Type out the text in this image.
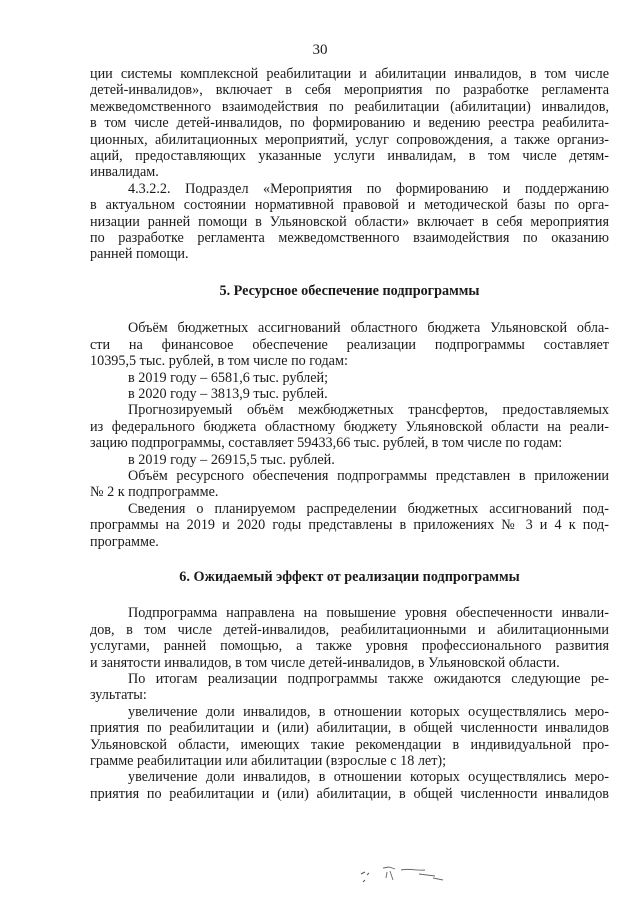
30

ции системы комплексной реабилитации и абилитации инвалидов, в том числе

детей-инвалидов», включает в себя мероприятия по разработке регламента

межведомственного взаимодействия по реабилитации (абилитации) инвалидов,

в том числе детей-инвалидов, по формированию и ведению реестра реабилита-

ционных, абилитационных мероприятий, услуг сопровождения, а также организ-

аций, предоставляющих указанные услуги инвалидам, в том числе детям-

инвалидам.

4.3.2.2. Подраздел «Мероприятия по формированию и поддержанию

в актуальном состоянии нормативной правовой и методической базы по орга-

низации ранней помощи в Ульяновской области» включает в себя мероприятия

по разработке регламента межведомственного взаимодействия по оказанию

ранней помощи.

5. Ресурсное обеспечение подпрограммы

Объём бюджетных ассигнований областного бюджета Ульяновской обла-

сти на финансовое обеспечение реализации подпрограммы составляет

10395,5 тыс. рублей, в том числе по годам:

в 2019 году – 6581,6 тыс. рублей;

в 2020 году – 3813,9 тыс. рублей.

Прогнозируемый объём межбюджетных трансфертов, предоставляемых

из федерального бюджета областному бюджету Ульяновской области на реали-

зацию подпрограммы, составляет 59433,66 тыс. рублей, в том числе по годам:

в 2019 году – 26915,5 тыс. рублей.

Объём ресурсного обеспечения подпрограммы представлен в приложении

№ 2 к подпрограмме.

Сведения о планируемом распределении бюджетных ассигнований под-

программы на 2019 и 2020 годы представлены в приложениях № 3 и 4 к под-

программе.

6. Ожидаемый эффект от реализации подпрограммы

Подпрограмма направлена на повышение уровня обеспеченности инвали-

дов, в том числе детей-инвалидов, реабилитационными и абилитационными

услугами, ранней помощью, а также уровня профессионального развития

и занятости инвалидов, в том числе детей-инвалидов, в Ульяновской области.

По итогам реализации подпрограммы также ожидаются следующие ре-

зультаты:

увеличение доли инвалидов, в отношении которых осуществлялись меро-

приятия по реабилитации и (или) абилитации, в общей численности инвалидов

Ульяновской области, имеющих такие рекомендации в индивидуальной про-

грамме реабилитации или абилитации (взрослые с 18 лет);

увеличение доли инвалидов, в отношении которых осуществлялись меро-

приятия по реабилитации и (или) абилитации, в общей численности инвалидов
